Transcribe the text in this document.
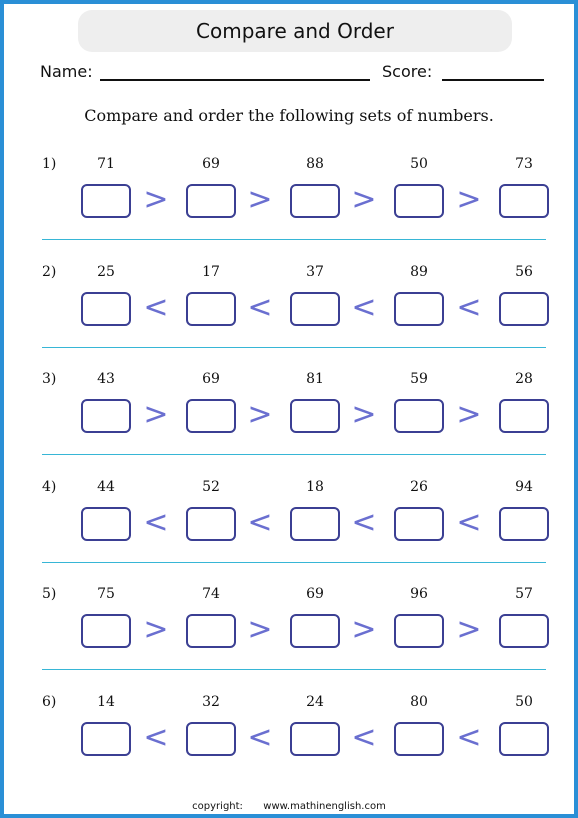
Compare and Order
Name:	Score:
Compare and order the following sets of numbers.
1)	71
>
69
>
88
>
50
>
73
2)	25
<
17
<
37
<
89
<
56
3)	43
>
69
>
81
>
59
>
28
4)	44
<
52
<
18
<
26
<
94
5)	75
>
74
>
69
>
96
>
57
6)	14
<
32
<
24
<
80
<
50
copyright: www.mathinenglish.com
